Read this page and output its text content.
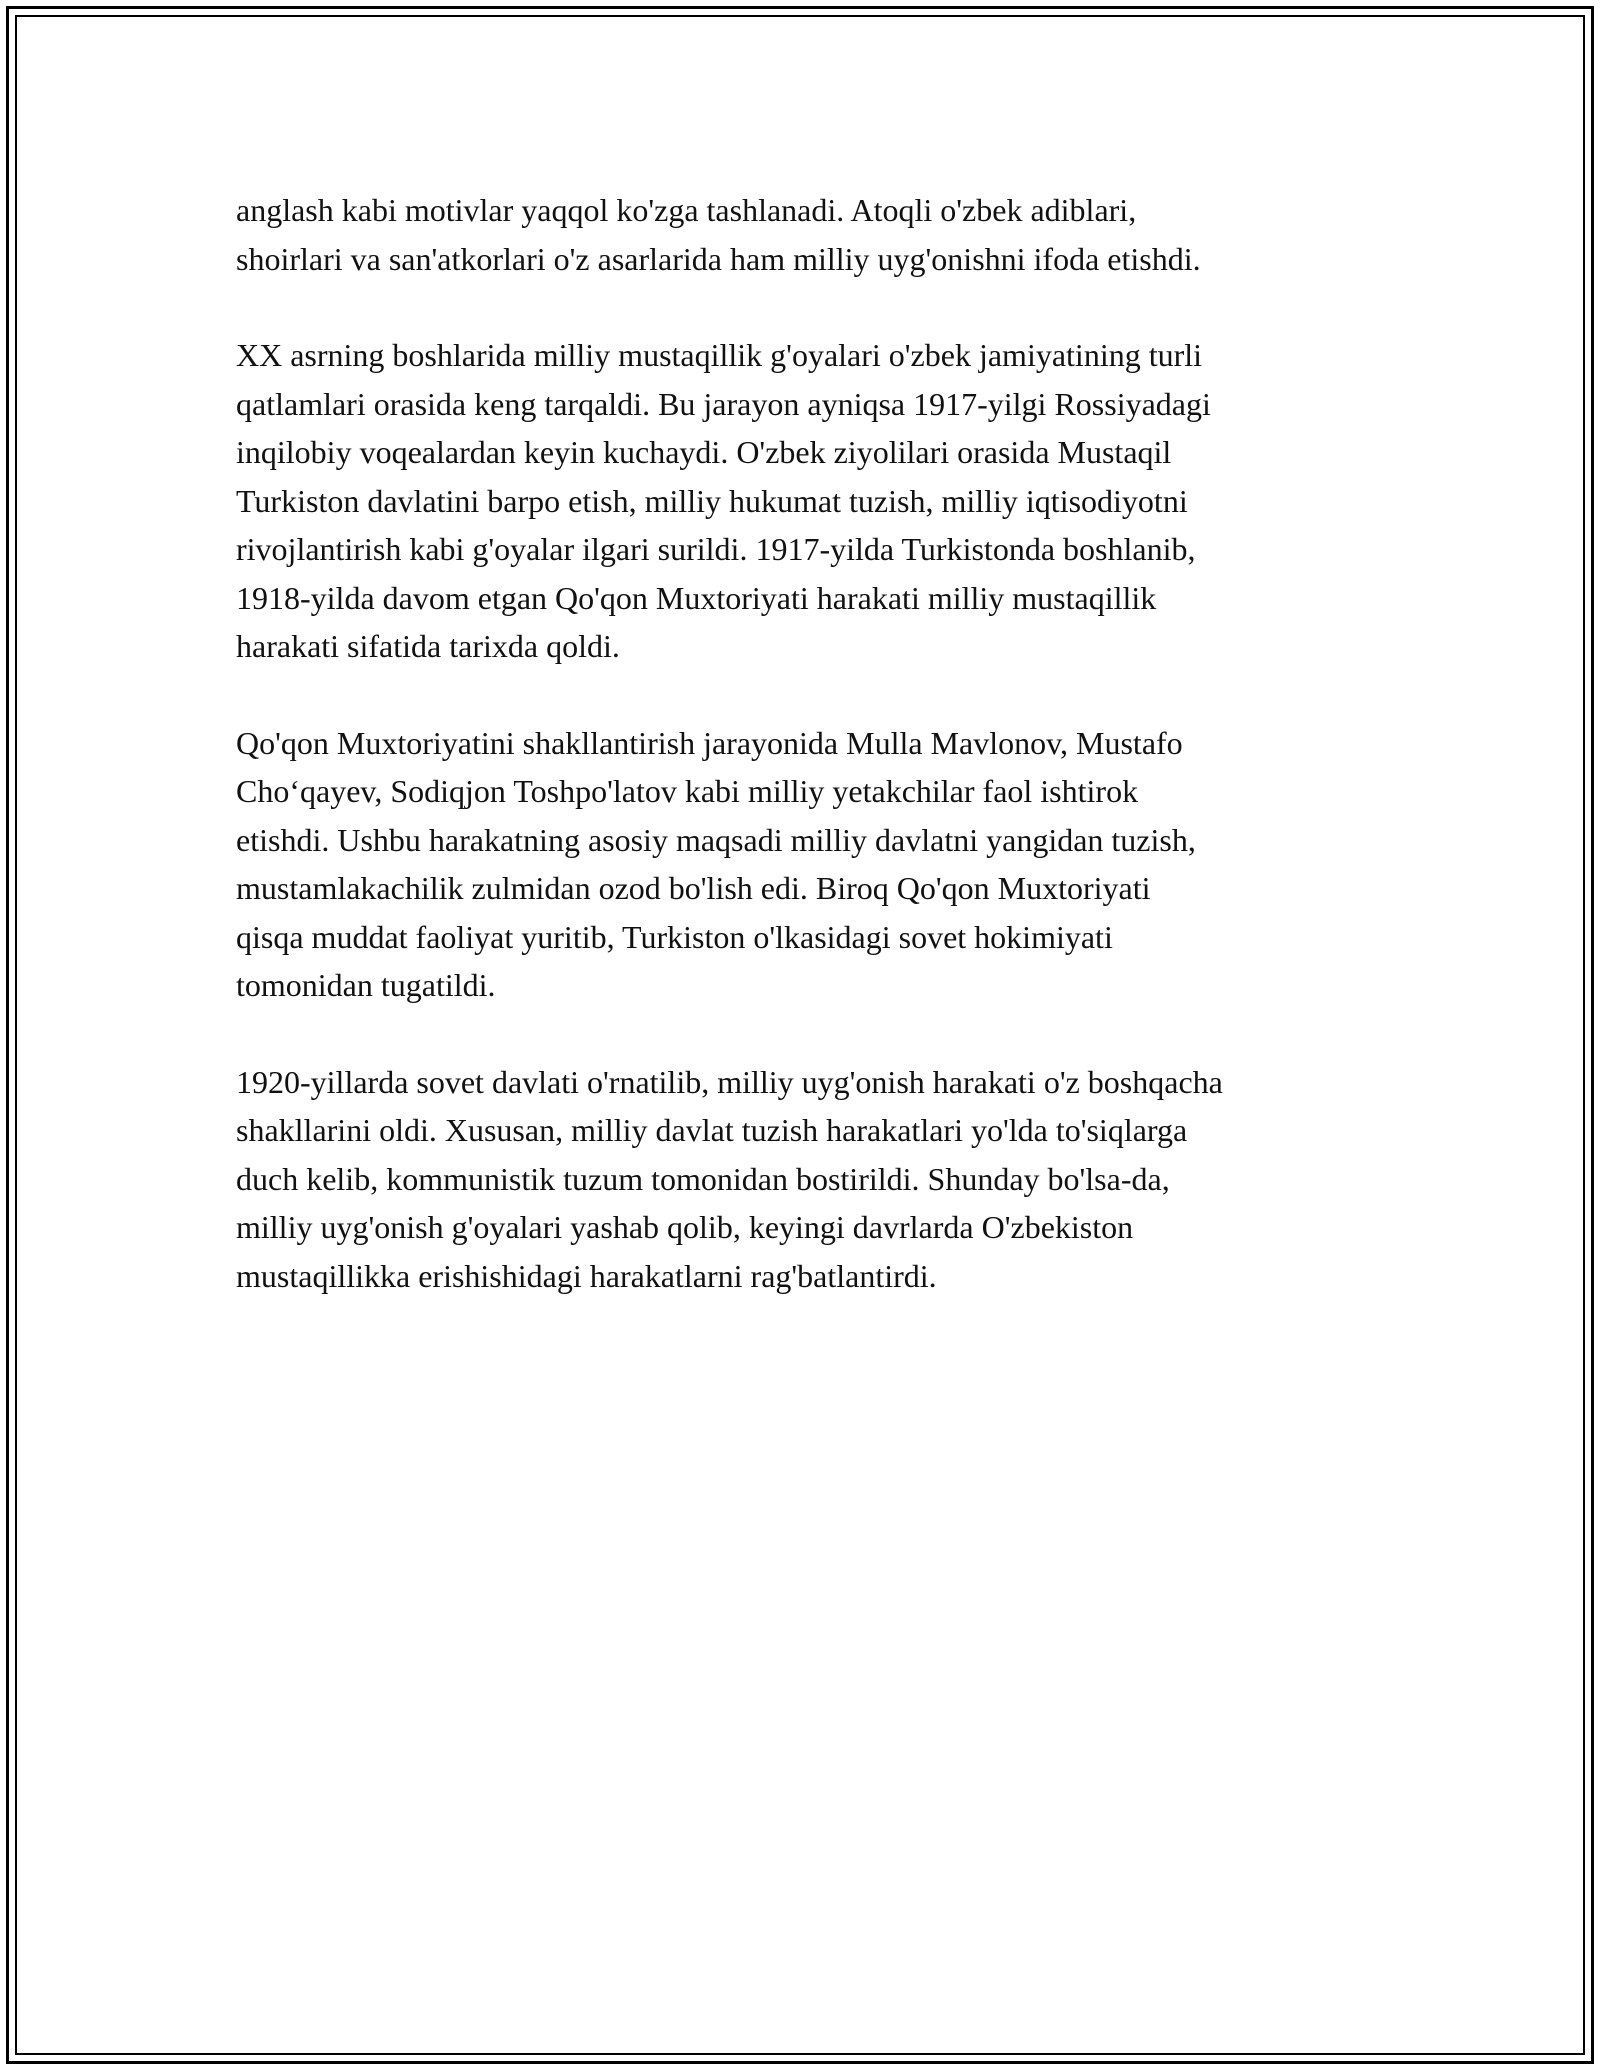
anglash kabi motivlar yaqqol ko'zga tashlanadi. Atoqli o'zbek adiblari,
shoirlari va san'atkorlari o'z asarlarida ham milliy uyg'onishni ifoda etishdi.

XX asrning boshlarida milliy mustaqillik g'oyalari o'zbek jamiyatining turli
qatlamlari orasida keng tarqaldi. Bu jarayon ayniqsa 1917-yilgi Rossiyadagi
inqilobiy voqealardan keyin kuchaydi. O'zbek ziyolilari orasida Mustaqil
Turkiston davlatini barpo etish, milliy hukumat tuzish, milliy iqtisodiyotni
rivojlantirish kabi g'oyalar ilgari surildi. 1917-yilda Turkistonda boshlanib,
1918-yilda davom etgan Qo'qon Muxtoriyati harakati milliy mustaqillik
harakati sifatida tarixda qoldi.

Qo'qon Muxtoriyatini shakllantirish jarayonida Mulla Mavlonov, Mustafo
Cho‘qayev, Sodiqjon Toshpo'latov kabi milliy yetakchilar faol ishtirok
etishdi. Ushbu harakatning asosiy maqsadi milliy davlatni yangidan tuzish,
mustamlakachilik zulmidan ozod bo'lish edi. Biroq Qo'qon Muxtoriyati
qisqa muddat faoliyat yuritib, Turkiston o'lkasidagi sovet hokimiyati
tomonidan tugatildi.

1920-yillarda sovet davlati o'rnatilib, milliy uyg'onish harakati o'z boshqacha
shakllarini oldi. Xususan, milliy davlat tuzish harakatlari yo'lda to'siqlarga
duch kelib, kommunistik tuzum tomonidan bostirildi. Shunday bo'lsa-da,
milliy uyg'onish g'oyalari yashab qolib, keyingi davrlarda O'zbekiston
mustaqillikka erishishidagi harakatlarni rag'batlantirdi.
